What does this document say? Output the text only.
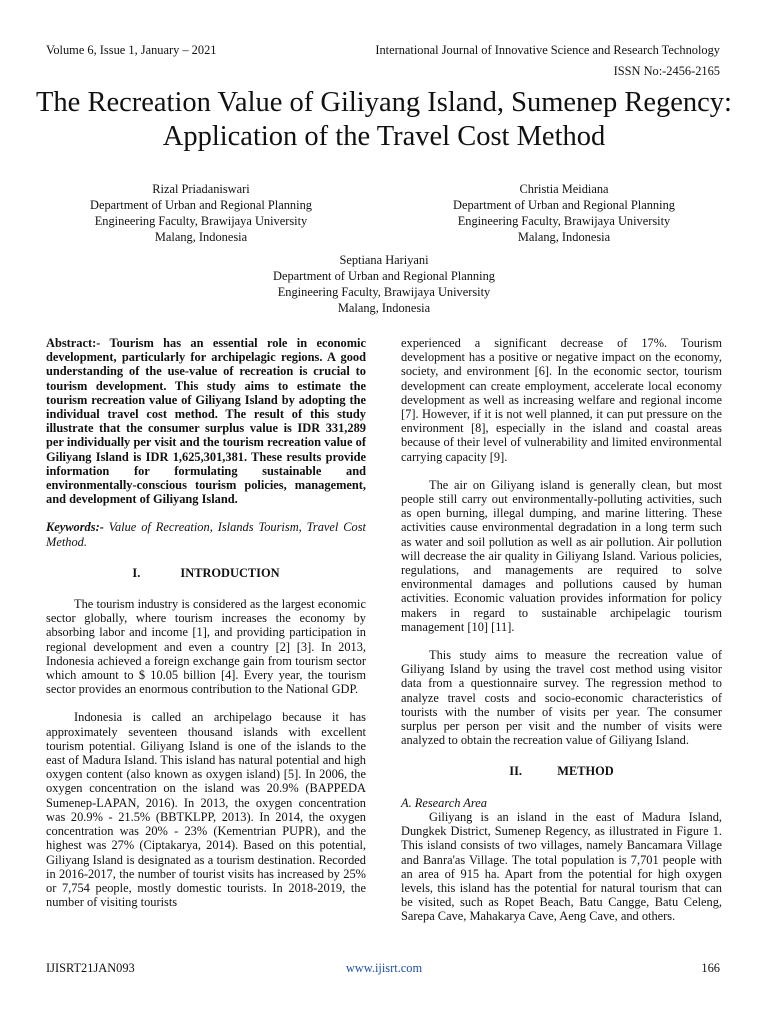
Volume 6, Issue 1, January – 2021	International Journal of Innovative Science and Research Technology
ISSN No:-2456-2165
The Recreation Value of Giliyang Island, Sumenep Regency: Application of the Travel Cost Method
Rizal Priadaniswari
Department of Urban and Regional Planning
Engineering Faculty, Brawijaya University
Malang, Indonesia
Christia Meidiana
Department of Urban and Regional Planning
Engineering Faculty, Brawijaya University
Malang, Indonesia
Septiana Hariyani
Department of Urban and Regional Planning
Engineering Faculty, Brawijaya University
Malang, Indonesia

Abstract:- Tourism has an essential role in economic development, particularly for archipelagic regions. A good understanding of the use-value of recreation is crucial to tourism development. This study aims to estimate the tourism recreation value of Giliyang Island by adopting the individual travel cost method. The result of this study illustrate that the consumer surplus value is IDR 331,289 per individually per visit and the tourism recreation value of Giliyang Island is IDR 1,625,301,381. These results provide information for formulating sustainable and environmentally-conscious tourism policies, management, and development of Giliyang Island.

Keywords:- Value of Recreation, Islands Tourism, Travel Cost Method.

I.	INTRODUCTION

The tourism industry is considered as the largest economic sector globally, where tourism increases the economy by absorbing labor and income [1], and providing participation in regional development and even a country [2] [3]. In 2013, Indonesia achieved a foreign exchange gain from tourism sector which amount to $ 10.05 billion [4]. Every year, the tourism sector provides an enormous contribution to the National GDP.

Indonesia is called an archipelago because it has approximately seventeen thousand islands with excellent tourism potential. Giliyang Island is one of the islands to the east of Madura Island. This island has natural potential and high oxygen content (also known as oxygen island) [5]. In 2006, the oxygen concentration on the island was 20.9% (BAPPEDA Sumenep-LAPAN, 2016). In 2013, the oxygen concentration was 20.9% - 21.5% (BBTKLPP, 2013). In 2014, the oxygen concentration was 20% - 23% (Kementrian PUPR), and the highest was 27% (Ciptakarya, 2014). Based on this potential, Giliyang Island is designated as a tourism destination. Recorded in 2016-2017, the number of tourist visits has increased by 25% or 7,754 people, mostly domestic tourists. In 2018-2019, the number of visiting tourists

experienced a significant decrease of 17%. Tourism development has a positive or negative impact on the economy, society, and environment [6]. In the economic sector, tourism development can create employment, accelerate local economy development as well as increasing welfare and regional income [7]. However, if it is not well planned, it can put pressure on the environment [8], especially in the island and coastal areas because of their level of vulnerability and limited environmental carrying capacity [9].

The air on Giliyang island is generally clean, but most people still carry out environmentally-polluting activities, such as open burning, illegal dumping, and marine littering. These activities cause environmental degradation in a long term such as water and soil pollution as well as air pollution. Air pollution will decrease the air quality in Giliyang Island. Various policies, regulations, and managements are required to solve environmental damages and pollutions caused by human activities. Economic valuation provides information for policy makers in regard to sustainable archipelagic tourism management [10] [11].

This study aims to measure the recreation value of Giliyang Island by using the travel cost method using visitor data from a questionnaire survey. The regression method to analyze travel costs and socio-economic characteristics of tourists with the number of visits per year. The consumer surplus per person per visit and the number of visits were analyzed to obtain the recreation value of Giliyang Island.

II.	METHOD

A. Research Area

Giliyang is an island in the east of Madura Island, Dungkek District, Sumenep Regency, as illustrated in Figure 1. This island consists of two villages, namely Bancamara Village and Banra'as Village. The total population is 7,701 people with an area of 915 ha. Apart from the potential for high oxygen levels, this island has the potential for natural tourism that can be visited, such as Ropet Beach, Batu Cangge, Batu Celeng, Sarepa Cave, Mahakarya Cave, Aeng Cave, and others.

IJISRT21JAN093	www.ijisrt.com	166
